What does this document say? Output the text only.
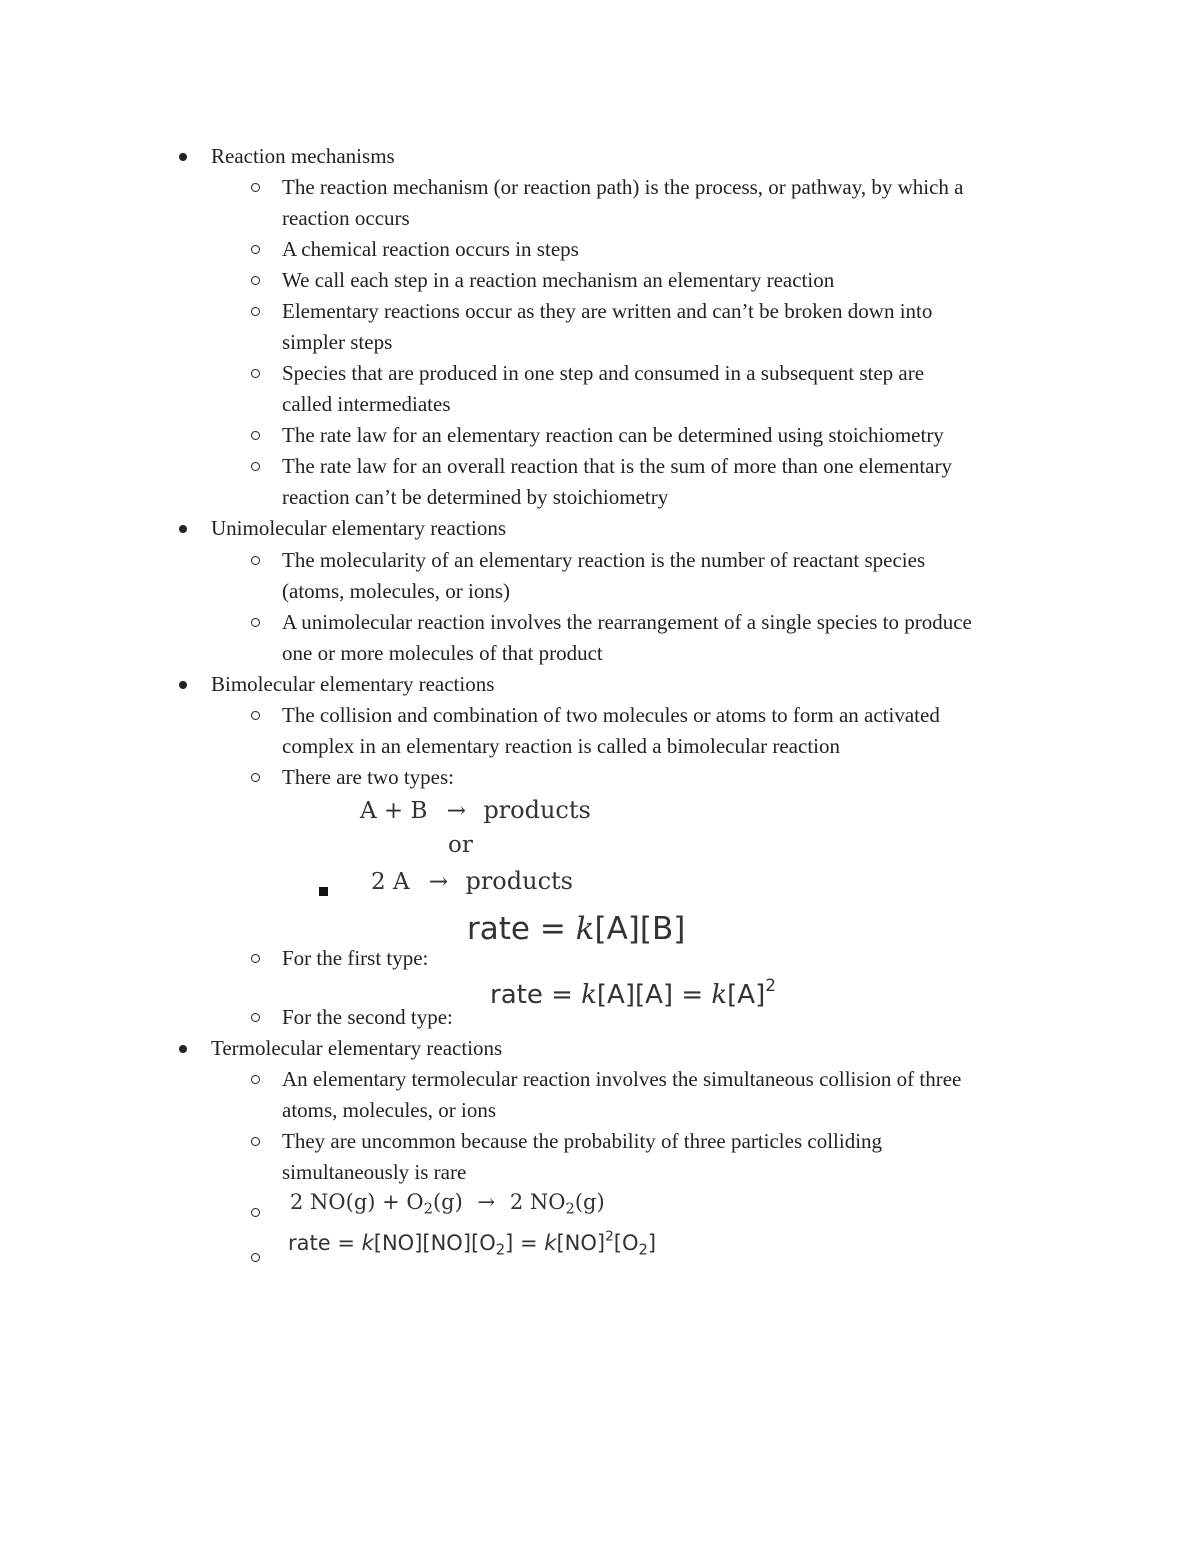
Reaction mechanisms
The reaction mechanism (or reaction path) is the process, or pathway, by which a
reaction occurs
A chemical reaction occurs in steps
We call each step in a reaction mechanism an elementary reaction
Elementary reactions occur as they are written and can’t be broken down into
simpler steps
Species that are produced in one step and consumed in a subsequent step are
called intermediates
The rate law for an elementary reaction can be determined using stoichiometry
The rate law for an overall reaction that is the sum of more than one elementary
reaction can’t be determined by stoichiometry
Unimolecular elementary reactions
The molecularity of an elementary reaction is the number of reactant species
(atoms, molecules, or ions)
A unimolecular reaction involves the rearrangement of a single species to produce
one or more molecules of that product
Bimolecular elementary reactions
The collision and combination of two molecules or atoms to form an activated
complex in an elementary reaction is called a bimolecular reaction
There are two types:
A + B → products
or
2 A → products
rate = k[A][B]
For the first type:
rate = $k[A][A] = k[A]^2$
For the second type:
Termolecular elementary reactions
An elementary termolecular reaction involves the simultaneous collision of three
atoms, molecules, or ions
They are uncommon because the probability of three particles colliding
simultaneously is rare
2 $NO(g) + O_2(g) \to 2$ $NO_2(g)$
rate = $k[NO][NO][O_2] = k[NO]^2[O_2]$
